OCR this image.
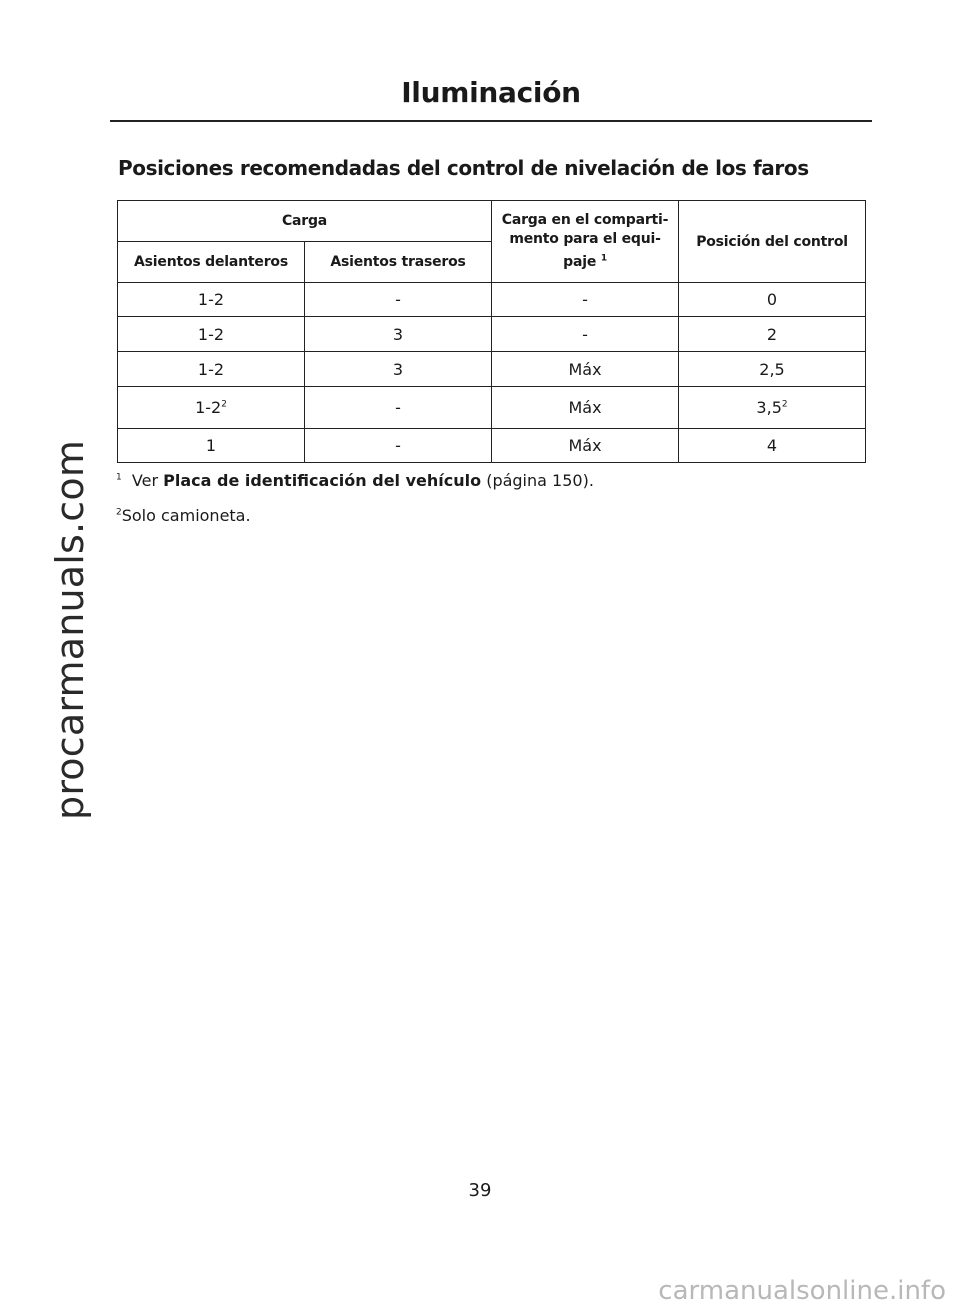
Iluminación
Posiciones recomendadas del control de nivelación de los faros
Carga		Carga en el comparti-
mento para el equi-
paje $^1$	Posición del control
Asientos delanteros	Asientos traseros		
1-2	-	-	0
1-2	3	-	2
1-2	3	Máx	2,5
$1-2^2$	-	Máx	$3,5^2$
1	-	Máx	4
$^1$ Ver Placa de identificación del vehículo (página 150).
$^2$Solo camioneta.
procarmanuals.com
39
carmanualsonline.info
